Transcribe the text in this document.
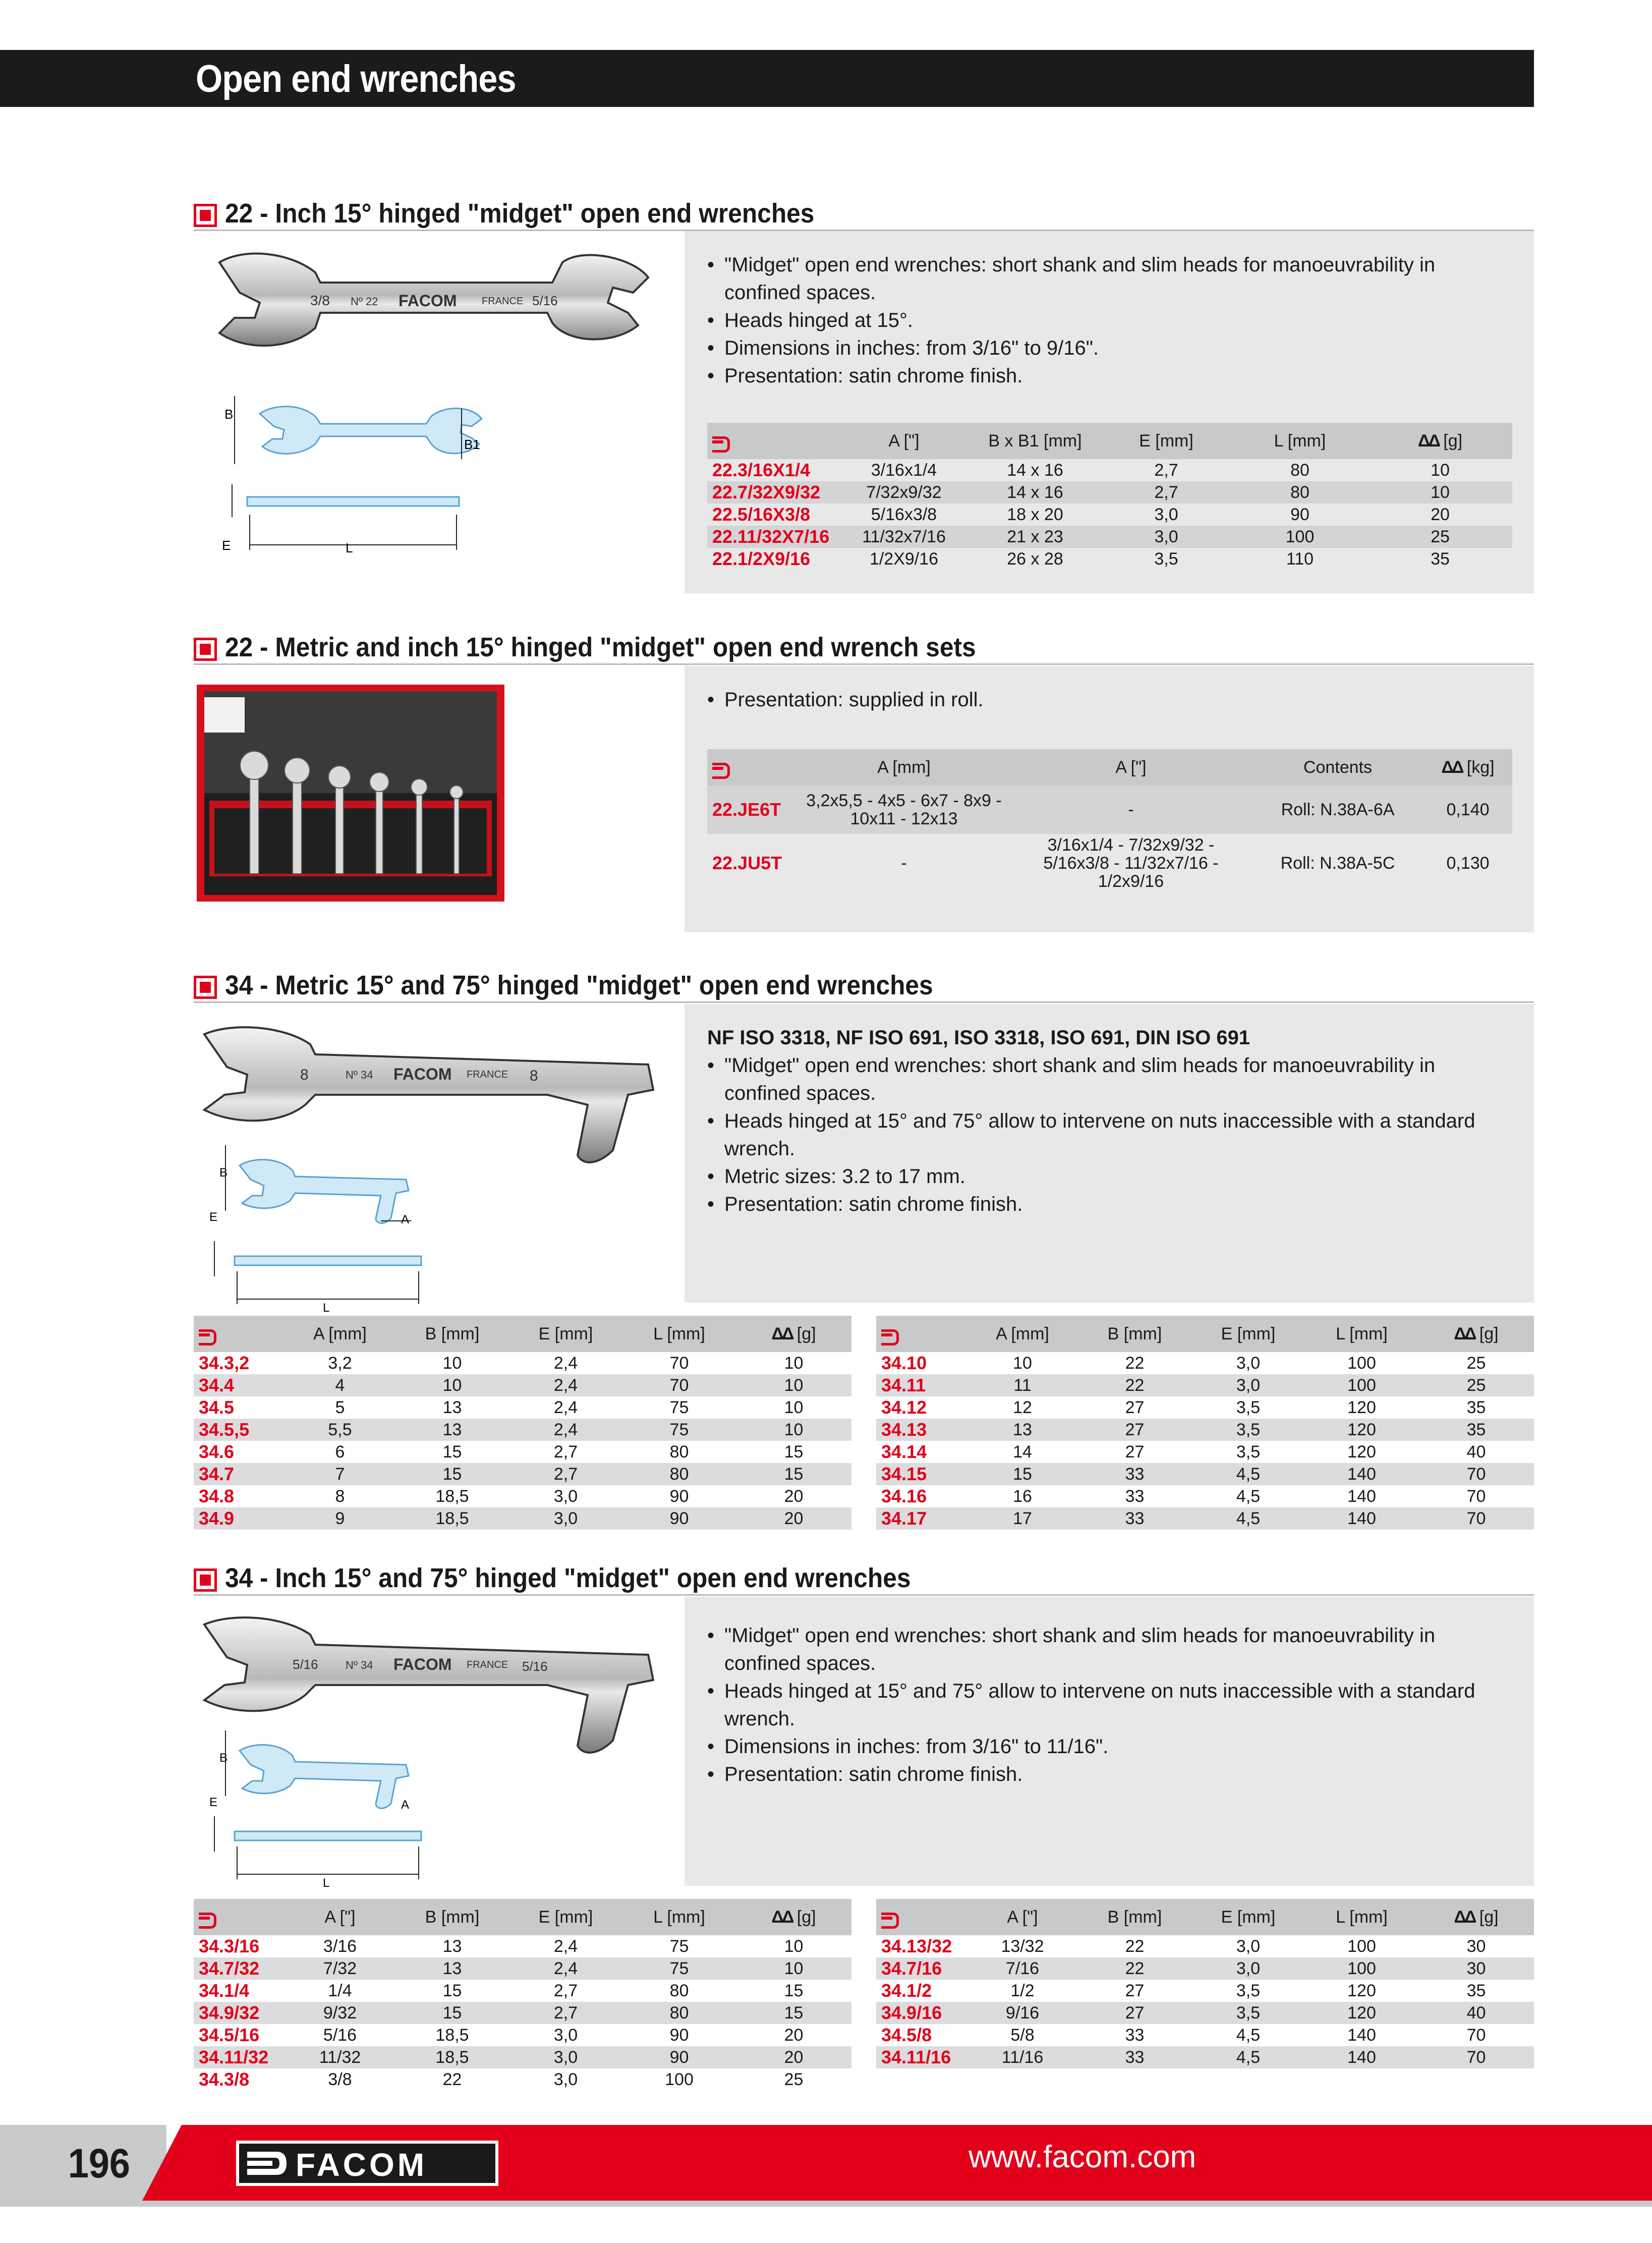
Open end wrenches
22 - Inch 15° hinged "midget" open end wrenches
3/8 Nº 22 FACOM FRANCE 5/16
B
B1
E	L
• "Midget" open end wrenches: short shank and slim heads for manoeuvrability in confined spaces.
• Heads hinged at 15°.
• Dimensions in inches: from 3/16" to 9/16".
• Presentation: satin chrome finish.
	A ["]	B x B1 [mm]	E [mm]	L [mm]	ΔΔ [g]
22.3/16X1/4	3/16x1/4	14 x 16	2,7	80	10
22.7/32X9/32	7/32x9/32	14 x 16	2,7	80	10
22.5/16X3/8	5/16x3/8	18 x 20	3,0	90	20
22.11/32X7/16	11/32x7/16	21 x 23	3,0	100	25
22.1/2X9/16	1/2X9/16	26 x 28	3,5	110	35
22 - Metric and inch 15° hinged "midget" open end wrench sets
• Presentation: supplied in roll.
	A [mm]	A ["]	Contents	ΔΔ [kg]
22.JE6T	3,2x5,5 - 4x5 - 6x7 - 8x9 - 10x11 - 12x13	-	Roll: N.38A-6A	0,140
22.JU5T	-	3/16x1/4 - 7/32x9/32 - 5/16x3/8 - 11/32x7/16 - 1/2x9/16	Roll: N.38A-5C	0,130
34 - Metric 15° and 75° hinged "midget" open end wrenches
8	Nº 34 FACOM FRANCE 8
B
A
E
L
NF ISO 3318, NF ISO 691, ISO 3318, ISO 691, DIN ISO 691
• "Midget" open end wrenches: short shank and slim heads for manoeuvrability in confined spaces.
• Heads hinged at 15° and 75° allow to intervene on nuts inaccessible with a standard wrench.
• Metric sizes: 3.2 to 17 mm.
• Presentation: satin chrome finish.
	A [mm]	B [mm]	E [mm]	L [mm]	ΔΔ [g]
34.3,2	3,2	10	2,4	70	10
34.4	4	10	2,4	70	10
34.5	5	13	2,4	75	10
34.5,5	5,5	13	2,4	75	10
34.6	6	15	2,7	80	15
34.7	7	15	2,7	80	15
34.8	8	18,5	3,0	90	20
34.9	9	18,5	3,0	90	20
	A [mm]	B [mm]	E [mm]	L [mm]	ΔΔ [g]
34.10	10	22	3,0	100	25
34.11	11	22	3,0	100	25
34.12	12	27	3,5	120	35
34.13	13	27	3,5	120	35
34.14	14	27	3,5	120	40
34.15	15	33	4,5	140	70
34.16	16	33	4,5	140	70
34.17	17	33	4,5	140	70
34 - Inch 15° and 75° hinged "midget" open end wrenches
5/16 Nº 34 FACOM FRANCE 5/16
B
A
E
L
• "Midget" open end wrenches: short shank and slim heads for manoeuvrability in confined spaces.
• Heads hinged at 15° and 75° allow to intervene on nuts inaccessible with a standard wrench.
• Dimensions in inches: from 3/16" to 11/16".
• Presentation: satin chrome finish.
	A ["]	B [mm]	E [mm]	L [mm]	ΔΔ [g]
34.3/16	3/16	13	2,4	75	10
34.7/32	7/32	13	2,4	75	10
34.1/4	1/4	15	2,7	80	15
34.9/32	9/32	15	2,7	80	15
34.5/16	5/16	18,5	3,0	90	20
34.11/32	11/32	18,5	3,0	90	20
34.3/8	3/8	22	3,0	100	25
	A ["]	B [mm]	E [mm]	L [mm]	ΔΔ [g]
34.13/32	13/32	22	3,0	100	30
34.7/16	7/16	22	3,0	100	30
34.1/2	1/2	27	3,5	120	35
34.9/16	9/16	27	3,5	120	40
34.5/8	5/8	33	4,5	140	70
34.11/16	11/16	33	4,5	140	70
196	FACOM	www.facom.com
